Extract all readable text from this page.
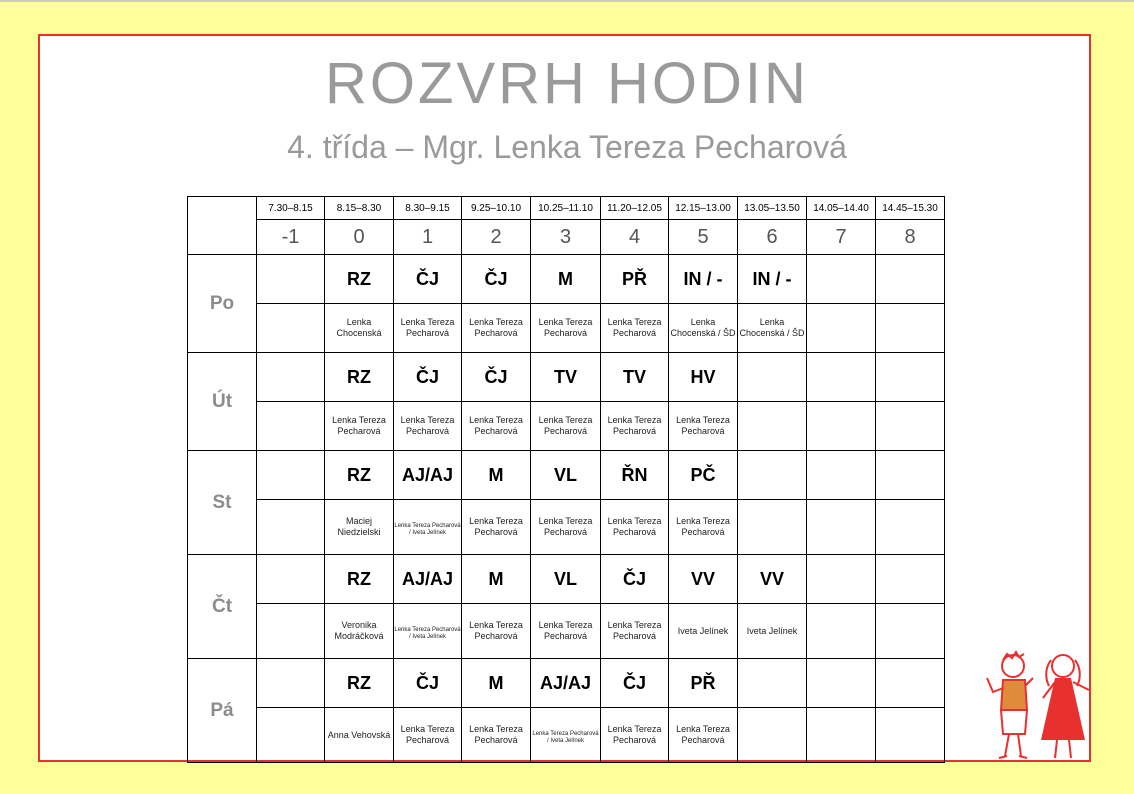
ROZVRH HODIN
4. třída – Mgr. Lenka Tereza Pecharová
	7.30–8.15	8.15–8.30	8.30–9.15	9.25–10.10	10.25–11.10	11.20–12.05	12.15–13.00	13.05–13.50	14.05–14.40	14.45–15.30
	-1	0	1	2	3	4	5	6	7	8
Po		RZ	ČJ	ČJ	M	PŘ	IN / -	IN / -		
		Lenka Chocenská	Lenka Tereza Pecharová	Lenka Tereza Pecharová	Lenka Tereza Pecharová	Lenka Tereza Pecharová	Lenka Chocenská / ŠD	Lenka Chocenská / ŠD		
Út		RZ	ČJ	ČJ	TV	TV	HV			
		Lenka Tereza Pecharová	Lenka Tereza Pecharová	Lenka Tereza Pecharová	Lenka Tereza Pecharová	Lenka Tereza Pecharová	Lenka Tereza Pecharová			
St		RZ	AJ/AJ	M	VL	ŘN	PČ			
		Maciej Niedzielski	Lenka Tereza Pecharová / Iveta Jelínek	Lenka Tereza Pecharová	Lenka Tereza Pecharová	Lenka Tereza Pecharová	Lenka Tereza Pecharová			
Čt		RZ	AJ/AJ	M	VL	ČJ	VV	VV		
		Veronika Modráčková	Lenka Tereza Pecharová / Iveta Jelínek	Lenka Tereza Pecharová	Lenka Tereza Pecharová	Lenka Tereza Pecharová	Iveta Jelínek	Iveta Jelínek		
Pá		RZ	ČJ	M	AJ/AJ	ČJ	PŘ			
		Anna Vehovská	Lenka Tereza Pecharová	Lenka Tereza Pecharová	Lenka Tereza Pecharová / Iveta Jelínek	Lenka Tereza Pecharová	Lenka Tereza Pecharová			
